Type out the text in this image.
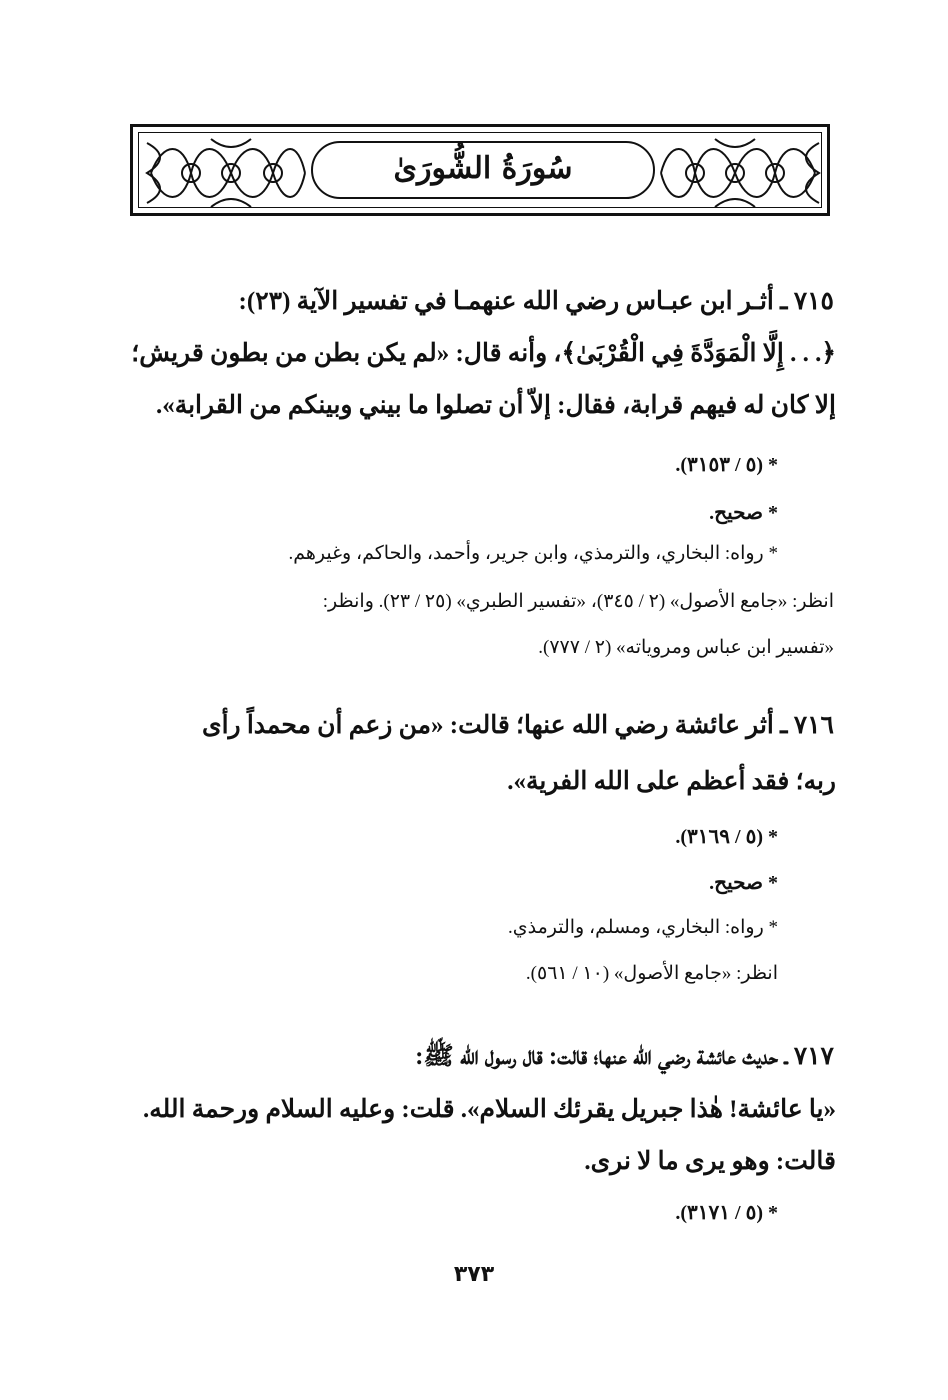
سُورَةُ الشُّورَىٰ
٧١٥ ـ أثـر ابن عبـاس رضي الله عنهمـا في تفسير الآية (٢٣):
﴿. . . إِلَّا الْمَوَدَّةَ فِي الْقُرْبَىٰ﴾، وأنه قال: «لم يكن بطن من بطون قريش؛
إلا كان له فيهم قرابة، فقال: إلاّ أن تصلوا ما بيني وبينكم من القرابة».
* (٥ / ٣١٥٣).
* صحيح.
* رواه: البخاري، والترمذي، وابن جرير، وأحمد، والحاكم، وغيرهم.
انظر: «جامع الأصول» (٢ / ٣٤٥)، «تفسير الطبري» (٢٥ / ٢٣). وانظر:
«تفسير ابن عباس ومروياته» (٢ / ٧٧٧).
٧١٦ ـ أثر عائشة رضي الله عنها؛ قالت: «من زعم أن محمداً رأى
ربه؛ فقد أعظم على الله الفرية».
* (٥ / ٣١٦٩).
* صحيح.
* رواه: البخاري، ومسلم، والترمذي.
انظر: «جامع الأصول» (١٠ / ٥٦١).
٧١٧ ـ حديث عائشة رضي الله عنها؛ قالت: قال رسول الله ﷺ:
«يا عائشة! هٰذا جبريل يقرئك السلام». قلت: وعليه السلام ورحمة الله.
قالت: وهو يرى ما لا نرى.
* (٥ / ٣١٧١).
٣٧٣
